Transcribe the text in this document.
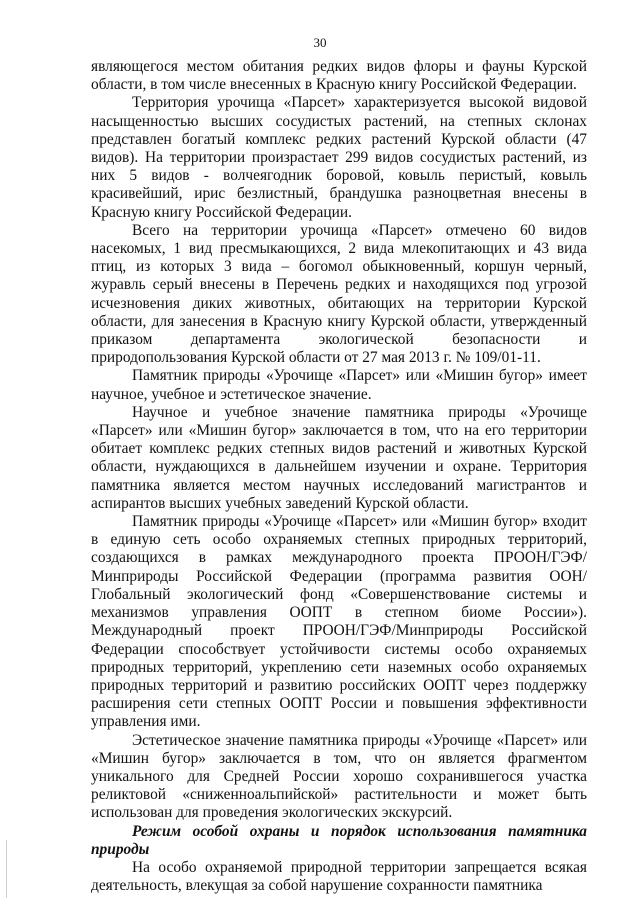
30

являющегося местом обитания редких видов флоры и фауны Курской области, в том числе внесенных в Красную книгу Российской Федерации.

Территория урочища «Парсет» характеризуется высокой видовой насыщенностью высших сосудистых растений, на степных склонах представлен богатый комплекс редких растений Курской области (47 видов). На территории произрастает 299 видов сосудистых растений, из них 5 видов - волчеягодник боровой, ковыль перистый, ковыль красивейший, ирис безлистный, брандушка разноцветная внесены в Красную книгу Российской Федерации.

Всего на территории урочища «Парсет» отмечено 60 видов насекомых, 1 вид пресмыкающихся, 2 вида млекопитающих и 43 вида птиц, из которых 3 вида – богомол обыкновенный, коршун черный, журавль серый внесены в Перечень редких и находящихся под угрозой исчезновения диких животных, обитающих на территории Курской области, для занесения в Красную книгу Курской области, утвержденный приказом департамента экологической безопасности и природопользования Курской области от 27 мая 2013 г. № 109/01-11.

Памятник природы «Урочище «Парсет» или «Мишин бугор» имеет научное, учебное и эстетическое значение.

Научное и учебное значение памятника природы «Урочище «Парсет» или «Мишин бугор» заключается в том, что на его территории обитает комплекс редких степных видов растений и животных Курской области, нуждающихся в дальнейшем изучении и охране. Территория памятника является местом научных исследований магистрантов и аспирантов высших учебных заведений Курской области.

Памятник природы «Урочище «Парсет» или «Мишин бугор» входит в единую сеть особо охраняемых степных природных территорий, создающихся в рамках международного проекта ПРООН/ГЭФ/Минприроды Российской Федерации (программа развития ООН/Глобальный экологический фонд «Совершенствование системы и механизмов управления ООПТ в степном биоме России»). Международный проект ПРООН/ГЭФ/Минприроды Российской Федерации способствует устойчивости системы особо охраняемых природных территорий, укреплению сети наземных особо охраняемых природных территорий и развитию российских ООПТ через поддержку расширения сети степных ООПТ России и повышения эффективности управления ими.

Эстетическое значение памятника природы «Урочище «Парсет» или «Мишин бугор» заключается в том, что он является фрагментом уникального для Средней России хорошо сохранившегося участка реликтовой «сниженноальпийской» растительности и может быть использован для проведения экологических экскурсий.

Режим особой охраны и порядок использования памятника природы

На особо охраняемой природной территории запрещается всякая деятельность, влекущая за собой нарушение сохранности памятника
